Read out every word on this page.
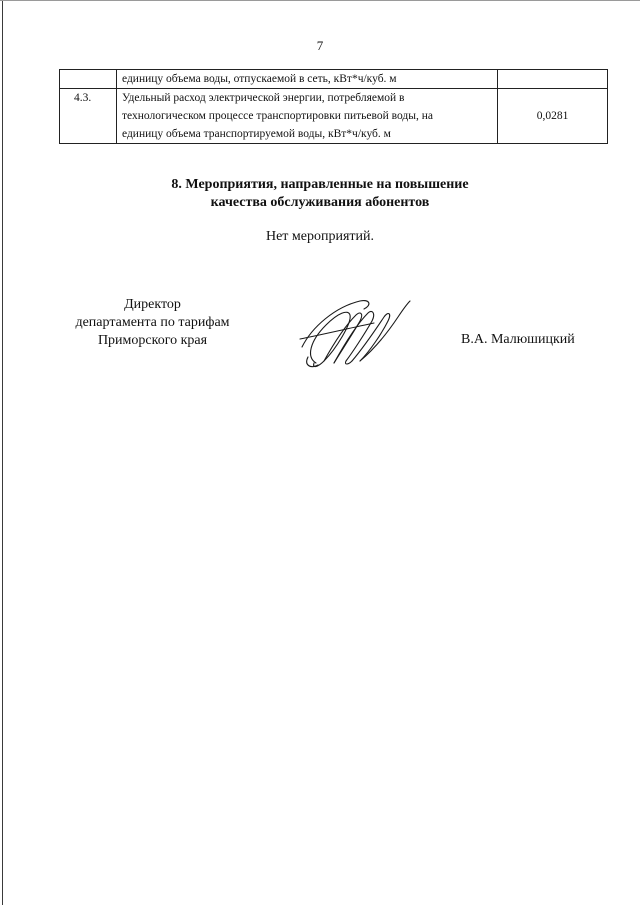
7
	единицу объема воды, отпускаемой в сеть, кВт*ч/куб. м	
4.3.	Удельный расход электрической энергии, потребляемой в
технологическом процессе транспортировки питьевой воды, на
единицу объема транспортируемой воды, кВт*ч/куб. м	0,0281
8. Мероприятия, направленные на повышение
качества обслуживания абонентов
Нет мероприятий.
Директор
департамента по тарифам
Приморского края	В.А. Малюшицкий
